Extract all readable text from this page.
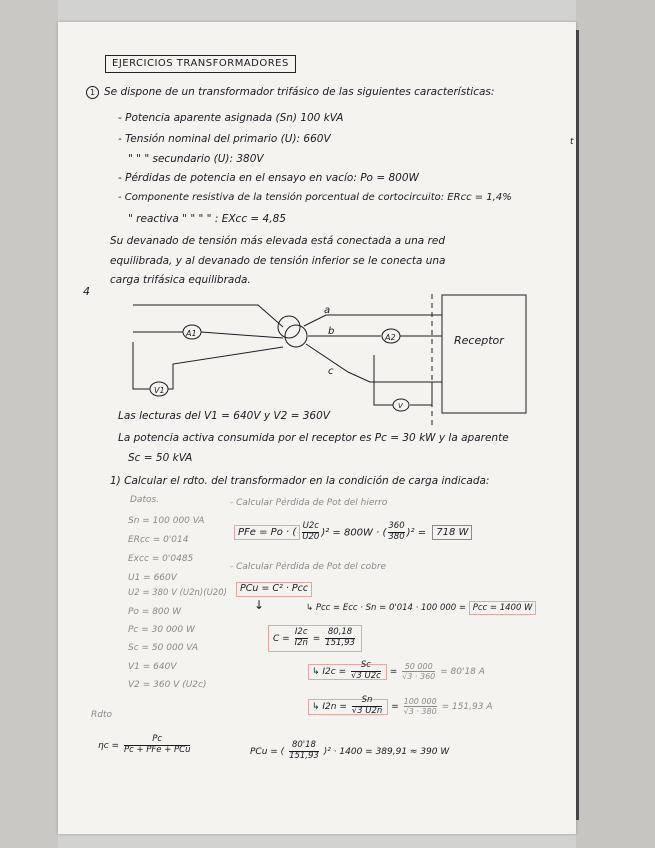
EJERCICIOS TRANSFORMADORES
1 Se dispone de un transformador trifásico de las siguientes características:
- Potencia aparente asignada (Sn) 100 kVA
- Tensión nominal del primario (U): 660V
" " " secundario (U): 380V
- Pérdidas de potencia en el ensayo en vacío: Po = 800W
- Componente resistiva de la tensión porcentual de cortocircuito: ERcc = 1,4%
" reactiva " " " " : EXcc = 4,85
Su devanado de tensión más elevada está conectada a una red
equilibrada, y al devanado de tensión inferior se le conecta una
carga trifásica equilibrada.
4
t
A1	A2
V1
V
a
b
c
Receptor
Las lecturas del V1 = 640V y V2 = 360V
La potencia activa consumida por el receptor es Pc = 30 kW y la aparente
Sc = 50 kVA
1) Calcular el rdto. del transformador en la condición de carga indicada:
Datos.
Sn = 100 000 VA
ERcc = 0'014
Excc = 0'0485
U1 = 660V
U2 = 380 V (U2n)(U20)
Po = 800 W
Pc = 30 000 W
Sc = 50 000 VA
V1 = 640V
V2 = 360 V (U2c)
- Calcular Pérdida de Pot del hierro
PFe = Po · ( $\frac{U2c}{U20} )^2 = 800W$ · ( $\frac{360}{380} )^2 = 718$ W
- Calcular Pérdida de Pot del cobre
PCu = C² · Pcc
↓	↳ Pcc = Ecc · Sn = 0'014 · 100 000 = Pcc = 1400 W
$C = \frac{I2c}{I2n} = \frac{80,18}{151,93}$
↳ $I2c = \frac{Sc}{√3 U2c} = \frac{50 000}{√3 \cdot 360} = 80'18$ A
↳ $I2n = \frac{Sn}{√3 U2n} = \frac{100 000}{√3 \cdot 380} = 151,93$ A
Rdto
ηc =
Pc
Pc + PFe + PCu	PCu = ( $\frac{80'18}{151,93} )^2 \cdot 1400 = 389,91 \approx 390$ W
